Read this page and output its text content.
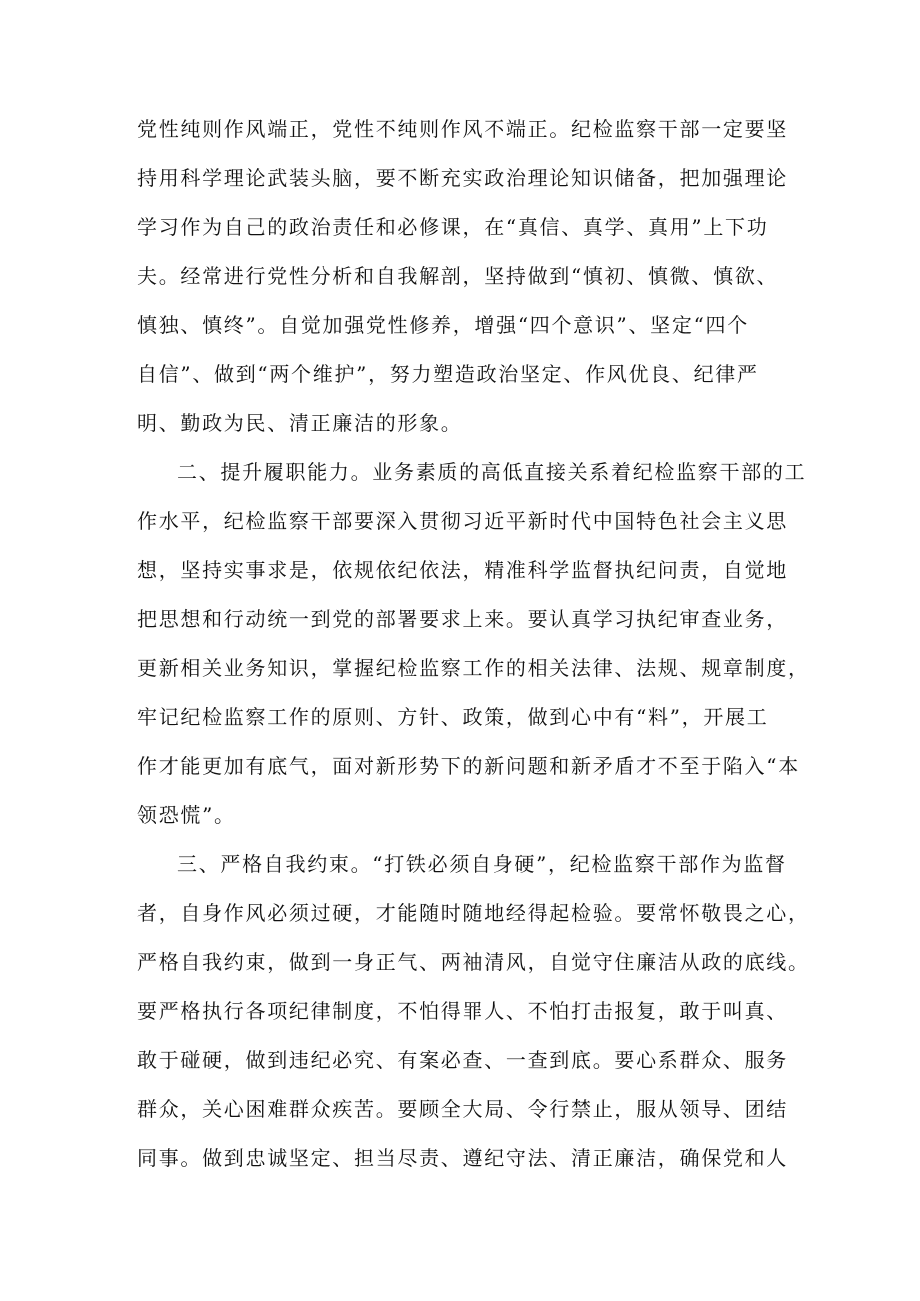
党性纯则作风端正，党性不纯则作风不端正。纪检监察干部一定要坚
持用科学理论武装头脑，要不断充实政治理论知识储备，把加强理论
学习作为自己的政治责任和必修课，在“真信、真学、真用”上下功
夫。经常进行党性分析和自我解剖，坚持做到“慎初、慎微、慎欲、
慎独、慎终”。自觉加强党性修养，增强“四个意识”、坚定“四个
自信”、做到“两个维护”，努力塑造政治坚定、作风优良、纪律严
明、勤政为民、清正廉洁的形象。
二、提升履职能力。业务素质的高低直接关系着纪检监察干部的工
作水平，纪检监察干部要深入贯彻习近平新时代中国特色社会主义思
想，坚持实事求是，依规依纪依法，精准科学监督执纪问责，自觉地
把思想和行动统一到党的部署要求上来。要认真学习执纪审查业务，
更新相关业务知识，掌握纪检监察工作的相关法律、法规、规章制度，
牢记纪检监察工作的原则、方针、政策，做到心中有“料”，开展工
作才能更加有底气，面对新形势下的新问题和新矛盾才不至于陷入“本
领恐慌”。
三、严格自我约束。“打铁必须自身硬”，纪检监察干部作为监督
者，自身作风必须过硬，才能随时随地经得起检验。要常怀敬畏之心，
严格自我约束，做到一身正气、两袖清风，自觉守住廉洁从政的底线。
要严格执行各项纪律制度，不怕得罪人、不怕打击报复，敢于叫真、
敢于碰硬，做到违纪必究、有案必查、一查到底。要心系群众、服务
群众，关心困难群众疾苦。要顾全大局、令行禁止，服从领导、团结
同事。做到忠诚坚定、担当尽责、遵纪守法、清正廉洁，确保党和人
